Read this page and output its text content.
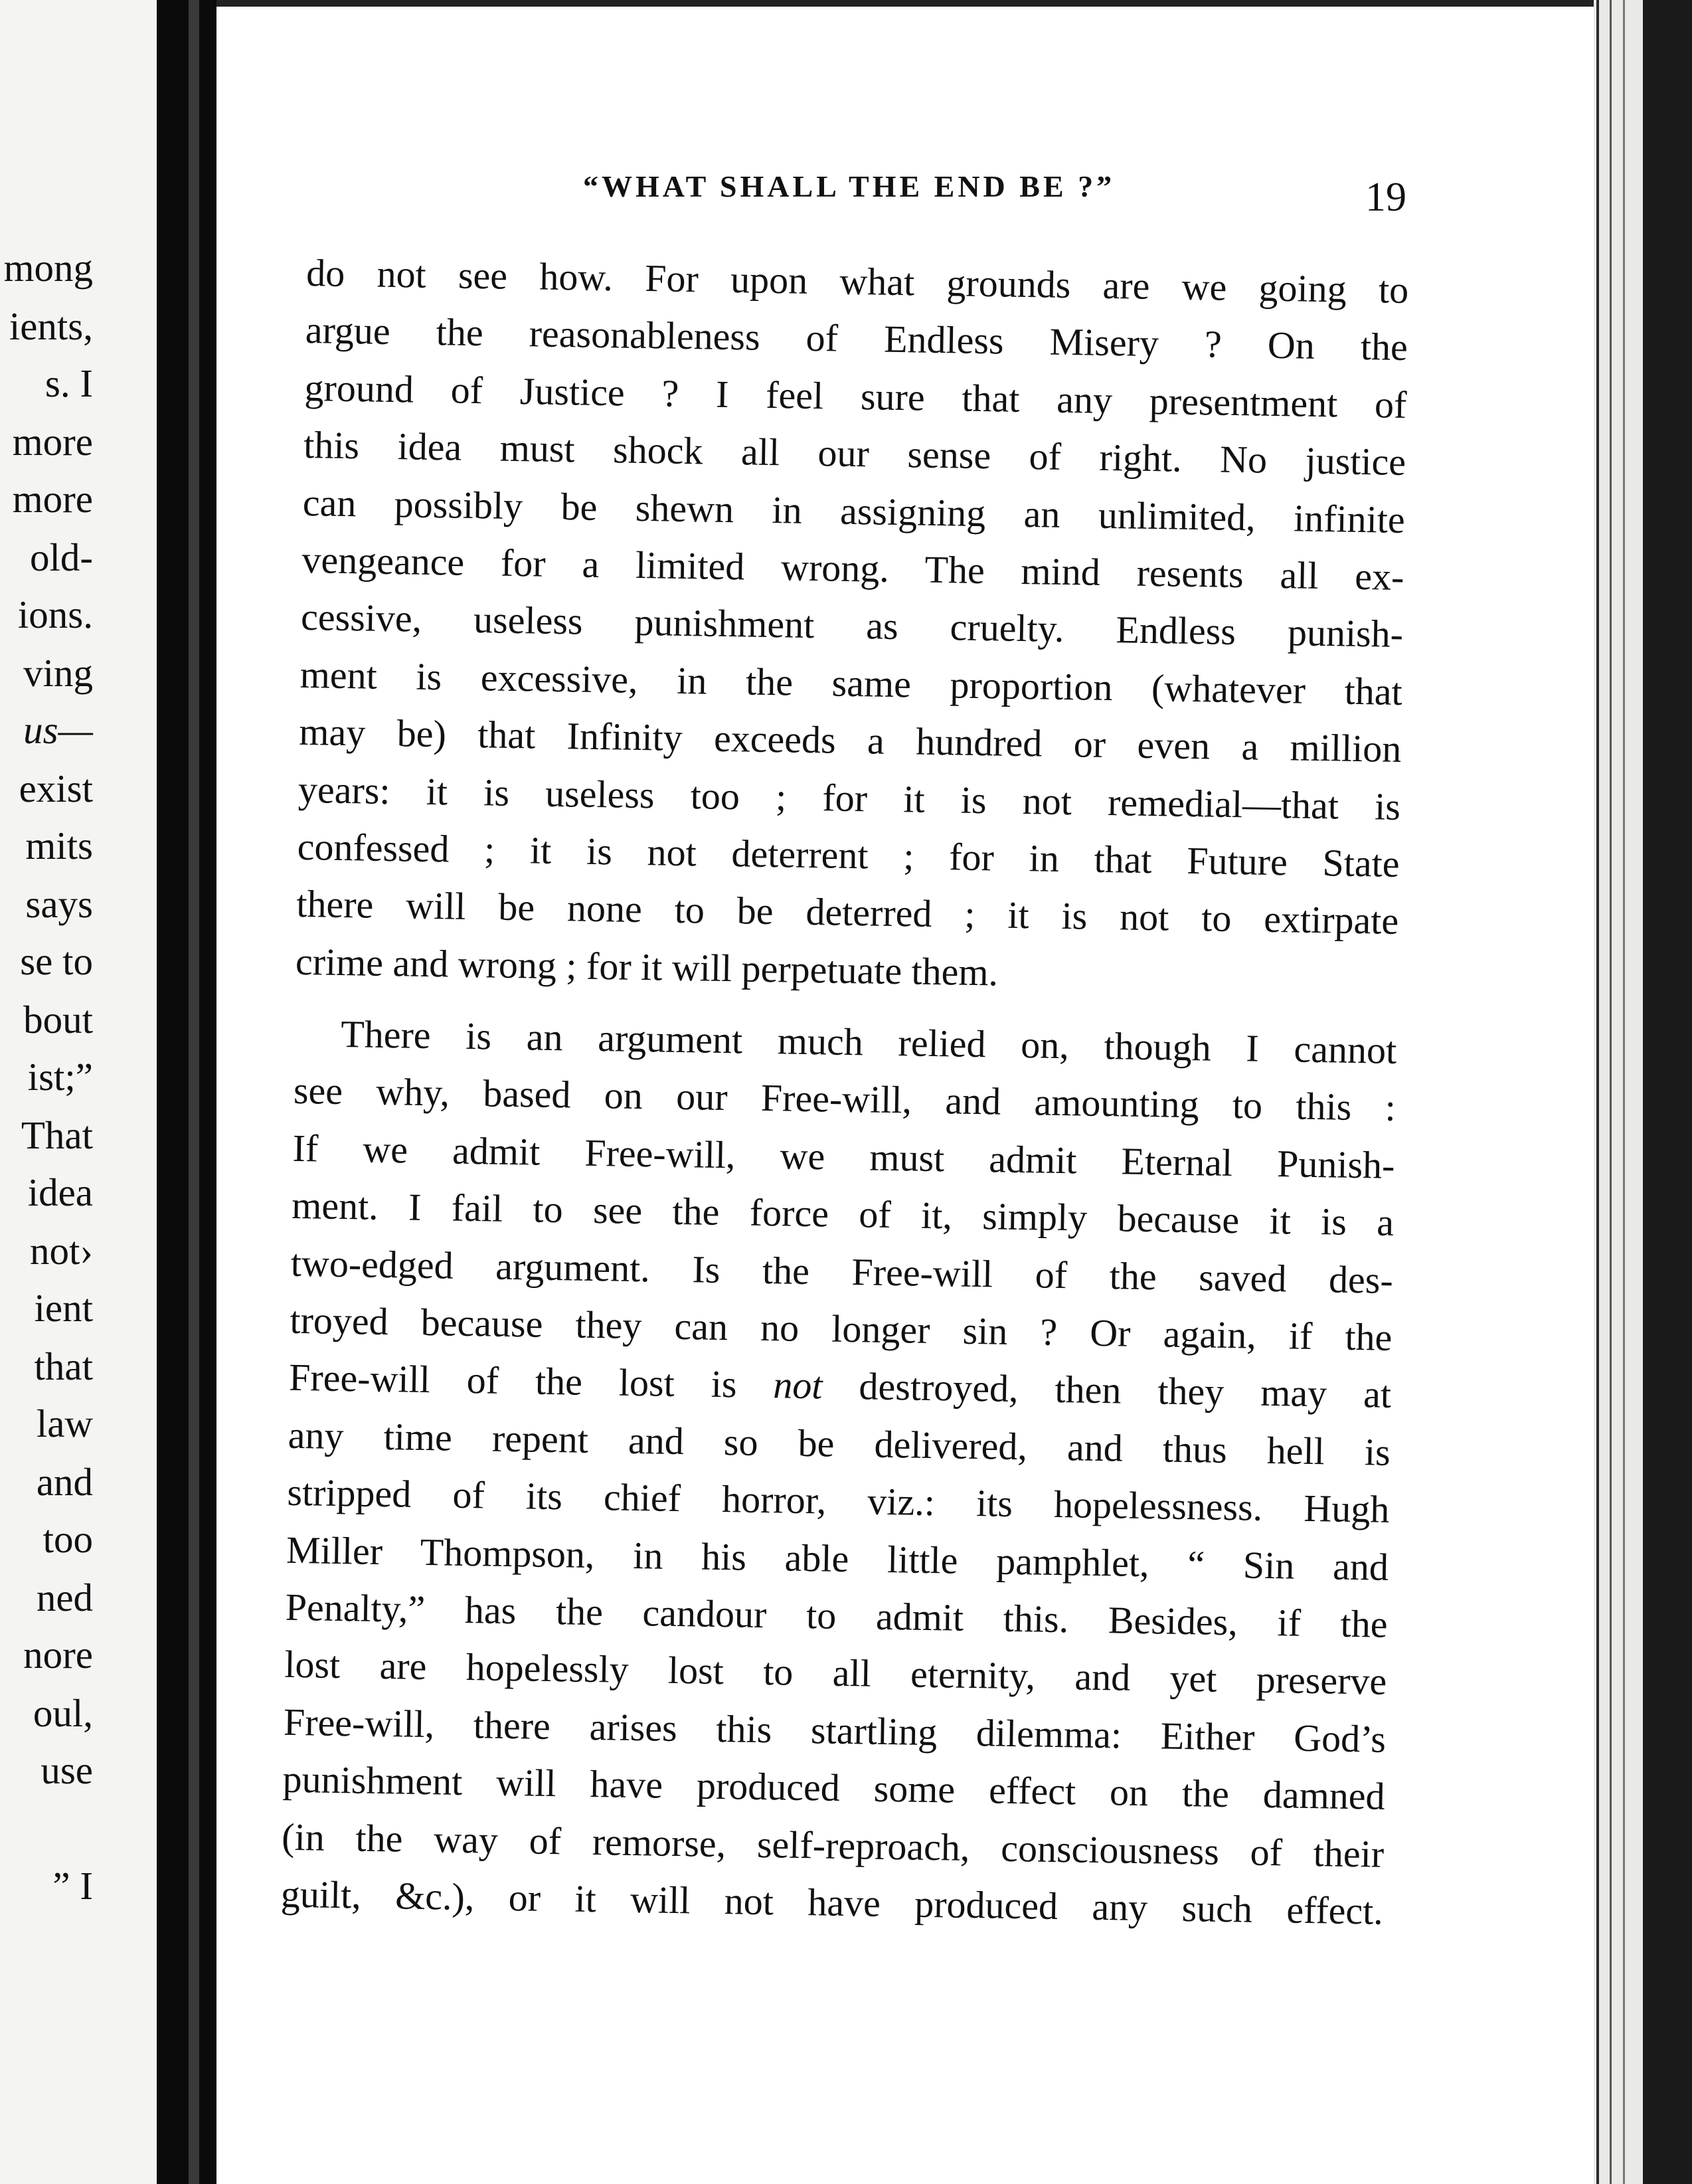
mong
ients,
s. I
more
more
old-
ions.
ving
us—
exist
mits
says
se to
bout
ist;”
That
idea
not›
ient
that
law
and
too
ned
nore
oul,
use
” I
“WHAT SHALL THE END BE ?”	19
do not see how. For upon what grounds are we going to
argue the reasonableness of Endless Misery ? On the
ground of Justice ? I feel sure that any presentment of
this idea must shock all our sense of right. No justice
can possibly be shewn in assigning an unlimited, infinite
vengeance for a limited wrong. The mind resents all ex-
cessive, useless punishment as cruelty. Endless punish-
ment is excessive, in the same proportion (whatever that
may be) that Infinity exceeds a hundred or even a million
years: it is useless too ; for it is not remedial—that is
confessed ; it is not deterrent ; for in that Future State
there will be none to be deterred ; it is not to extirpate
crime and wrong ; for it will perpetuate them.
There is an argument much relied on, though I cannot
see why, based on our Free-will, and amounting to this :
If we admit Free-will, we must admit Eternal Punish-
ment. I fail to see the force of it, simply because it is a
two-edged argument. Is the Free-will of the saved des-
troyed because they can no longer sin ? Or again, if the
Free-will of the lost is not destroyed, then they may at
any time repent and so be delivered, and thus hell is
stripped of its chief horror, viz.: its hopelessness. Hugh
Miller Thompson, in his able little pamphlet, “ Sin and
Penalty,” has the candour to admit this. Besides, if the
lost are hopelessly lost to all eternity, and yet preserve
Free-will, there arises this startling dilemma: Either God’s
punishment will have produced some effect on the damned
(in the way of remorse, self-reproach, consciousness of their
guilt, &c.), or it will not have produced any such effect.
